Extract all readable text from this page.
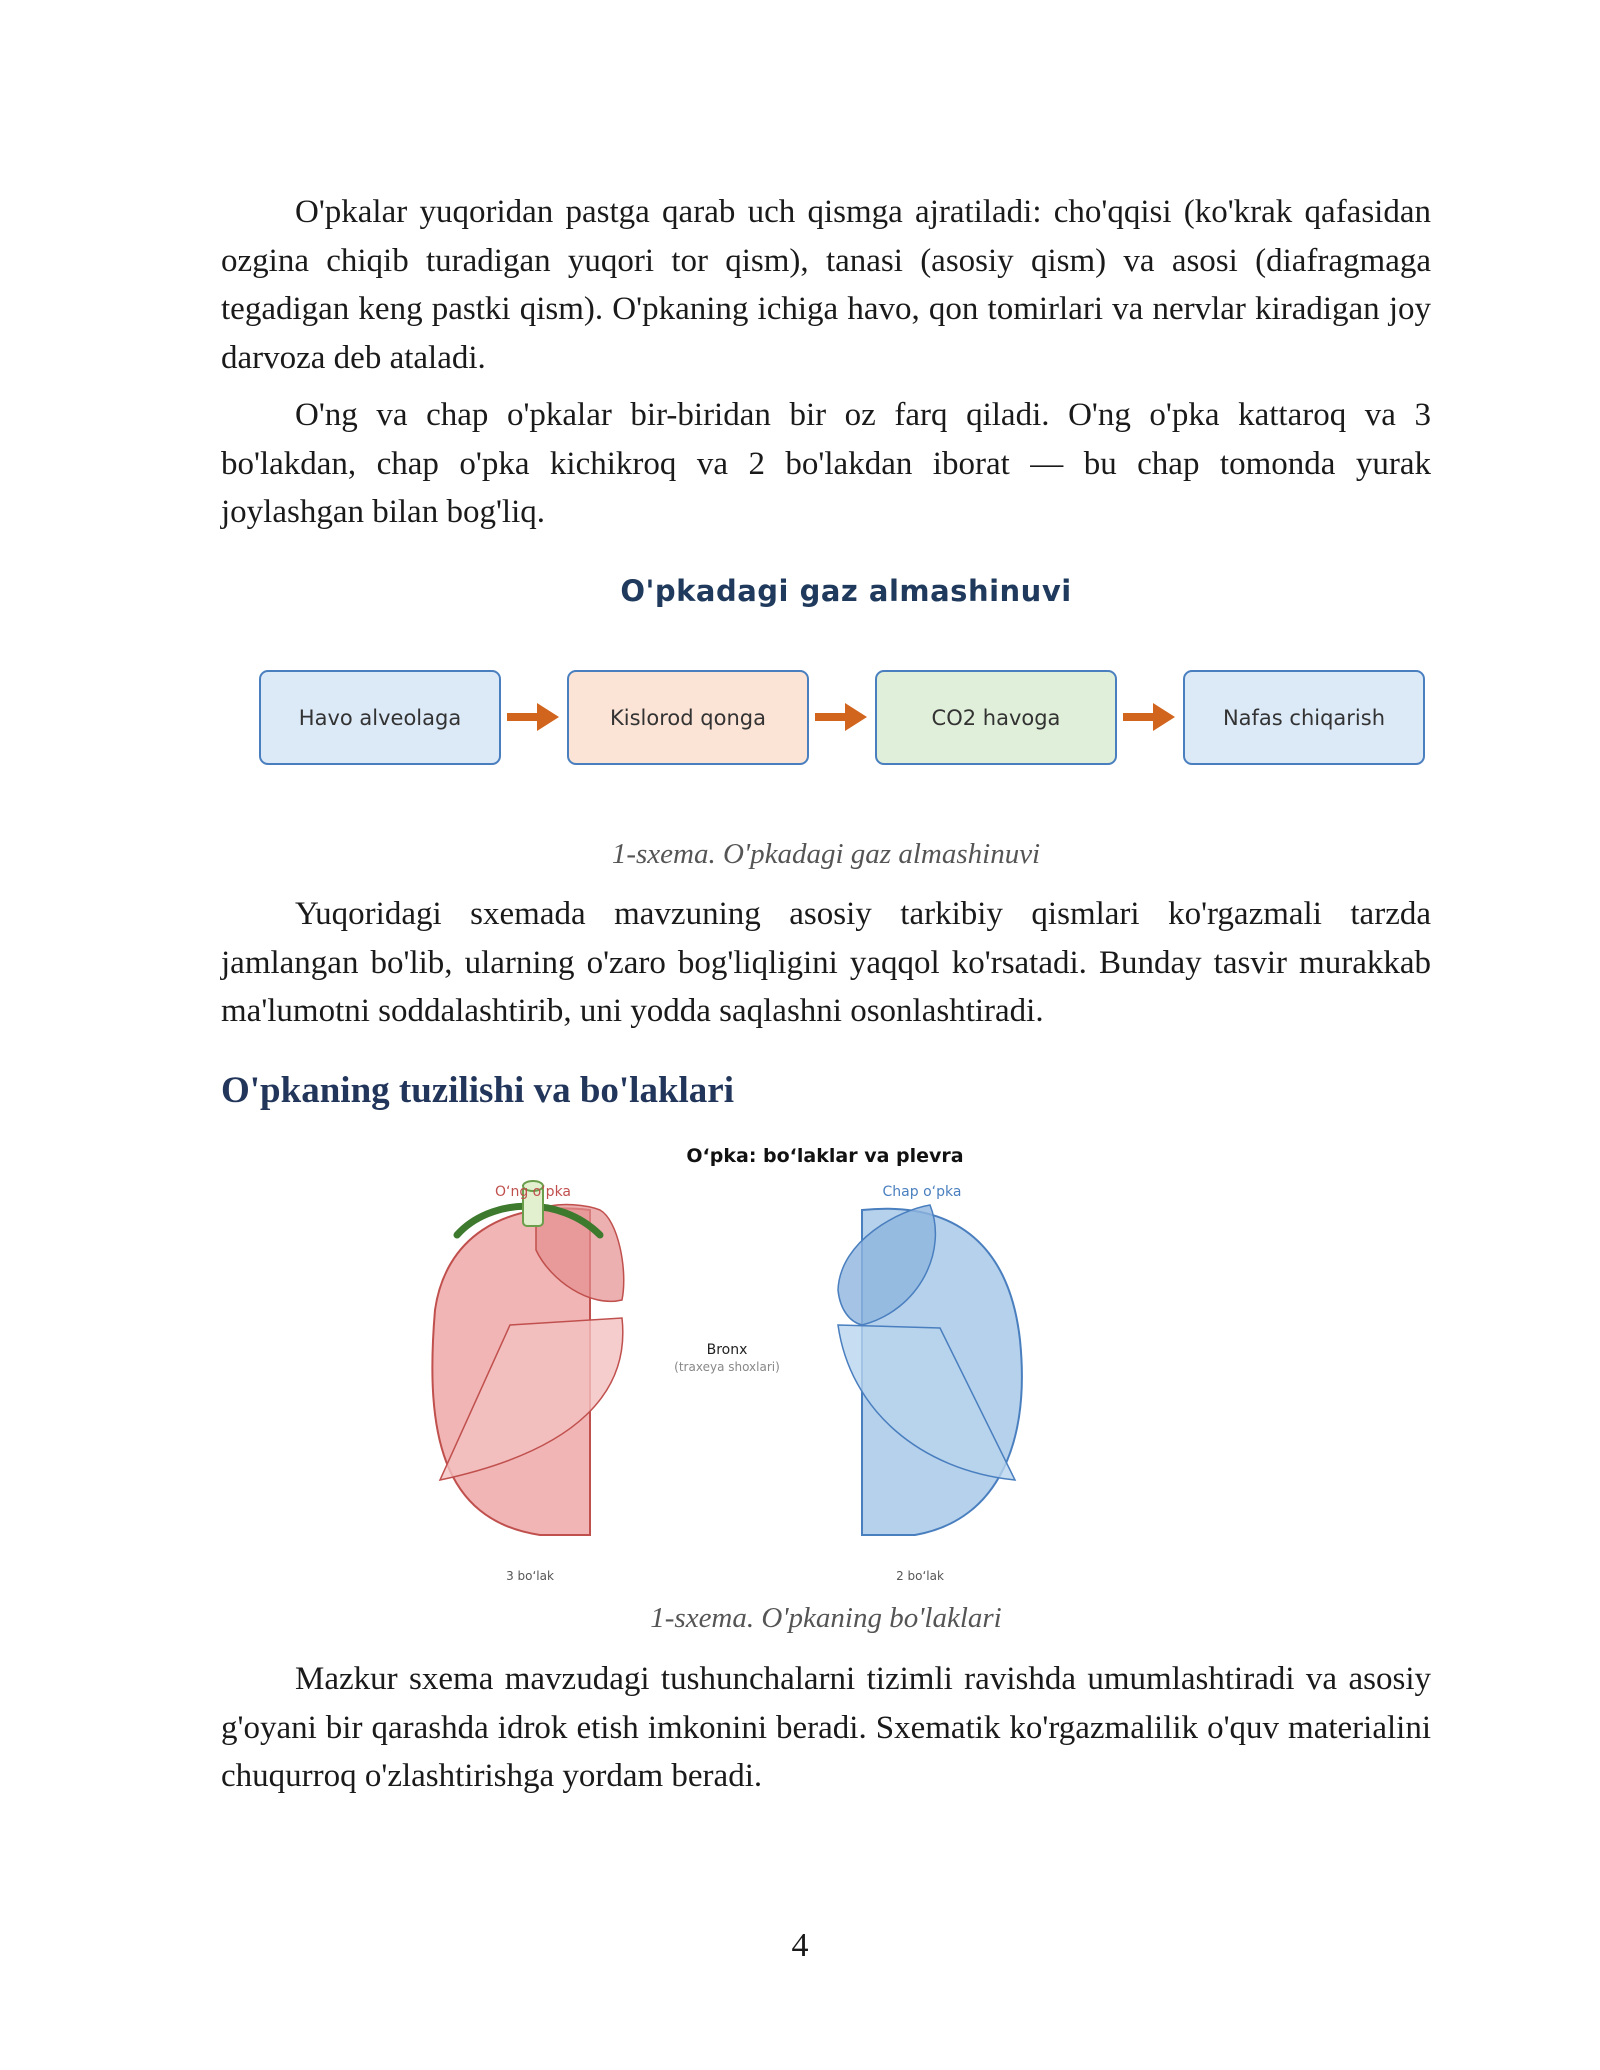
O'pkalar yuqoridan pastga qarab uch qismga ajratiladi: cho'qqisi (ko'krak qafasidan ozgina chiqib turadigan yuqori tor qism), tanasi (asosiy qism) va asosi (diafragmaga tegadigan keng pastki qism). O'pkaning ichiga havo, qon tomirlari va nervlar kiradigan joy darvoza deb ataladi.

O'ng va chap o'pkalar bir-biridan bir oz farq qiladi. O'ng o'pka kattaroq va 3 bo'lakdan, chap o'pka kichikroq va 2 bo'lakdan iborat — bu chap tomonda yurak joylashgan bilan bog'liq.

O'pkadagi gaz almashinuvi
Havo alveolaga	Kislorod qonga	CO2 havoga	Nafas chiqarish
1-sxema. O'pkadagi gaz almashinuvi

Yuqoridagi sxemada mavzuning asosiy tarkibiy qismlari ko'rgazmali tarzda jamlangan bo'lib, ularning o'zaro bog'liqligini yaqqol ko'rsatadi. Bunday tasvir murakkab ma'lumotni soddalashtirib, uni yodda saqlashni osonlashtiradi.

O'pkaning tuzilishi va bo'laklari
O‘pka: bo‘laklar va plevra
O‘ng o‘pka
3 bo‘lak
Bronx
(traxeya shoxlari)
Chap o‘pka
2 bo‘lak
1-sxema. O'pkaning bo'laklari

Mazkur sxema mavzudagi tushunchalarni tizimli ravishda umumlashtiradi va asosiy g'oyani bir qarashda idrok etish imkonini beradi. Sxematik ko'rgazmalilik o'quv materialini chuqurroq o'zlashtirishga yordam beradi.

4
